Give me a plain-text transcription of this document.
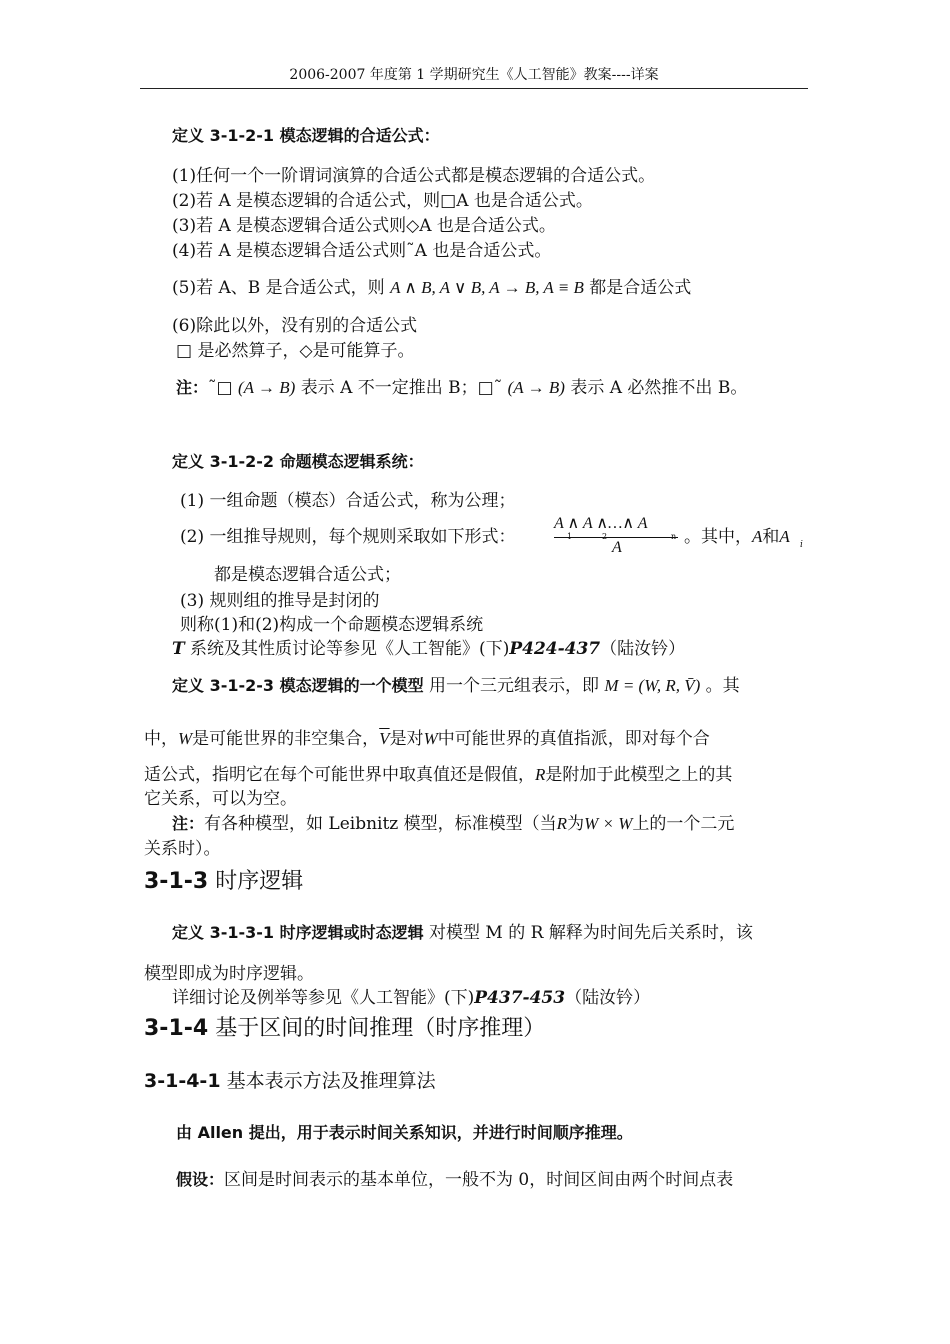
2006-2007 年度第 1 学期研究生《人工智能》教案----详案
定义 3-1-2-1 模态逻辑的合适公式：
(1)任何一个一阶谓词演算的合适公式都是模态逻辑的合适公式。
(2)若 A 是模态逻辑的合适公式，则□A 也是合适公式。
(3)若 A 是模态逻辑合适公式则◇A 也是合适公式。
(4)若 A 是模态逻辑合适公式则˜A 也是合适公式。
(5)若 A、B 是合适公式，则 A ∧ B, A ∨ B, A → B, A ≡ B 都是合适公式
(6)除此以外，没有别的合适公式
□ 是必然算子，◇是可能算子。
注：˜□ (A → B) 表示 A 不一定推出 B；□˜ (A → B) 表示 A 必然推不出 B。
定义 3-1-2-2 命题模态逻辑系统：
(1) 一组命题（模态）合适公式，称为公理；
(2) 一组推导规则，每个规则采取如下形式：
A ∧ A ∧…∧ A
1	2	n
A
。其中，A和A i
都是模态逻辑合适公式；
(3) 规则组的推导是封闭的
则称(1)和(2)构成一个命题模态逻辑系统
T 系统及其性质讨论等参见《人工智能》(下)P424-437（陆汝钤）
定义 3-1-2-3 模态逻辑的一个模型 用一个三元组表示，即 M = (W, R, V̄) 。其
中，W是可能世界的非空集合，$\overline{V}$是对W中可能世界的真值指派，即对每个合
适公式，指明它在每个可能世界中取真值还是假值，R是附加于此模型之上的其
它关系，可以为空。
注：有各种模型，如 Leibnitz 模型，标准模型（当R为W × W上的一个二元
关系时）。
3-1-3 时序逻辑
定义 3-1-3-1 时序逻辑或时态逻辑 对模型 M 的 R 解释为时间先后关系时，该
模型即成为时序逻辑。
详细讨论及例举等参见《人工智能》(下)P437-453（陆汝钤）
3-1-4 基于区间的时间推理（时序推理）
3-1-4-1 基本表示方法及推理算法
由 Allen 提出，用于表示时间关系知识，并进行时间顺序推理。
假设：区间是时间表示的基本单位，一般不为 0，时间区间由两个时间点表
